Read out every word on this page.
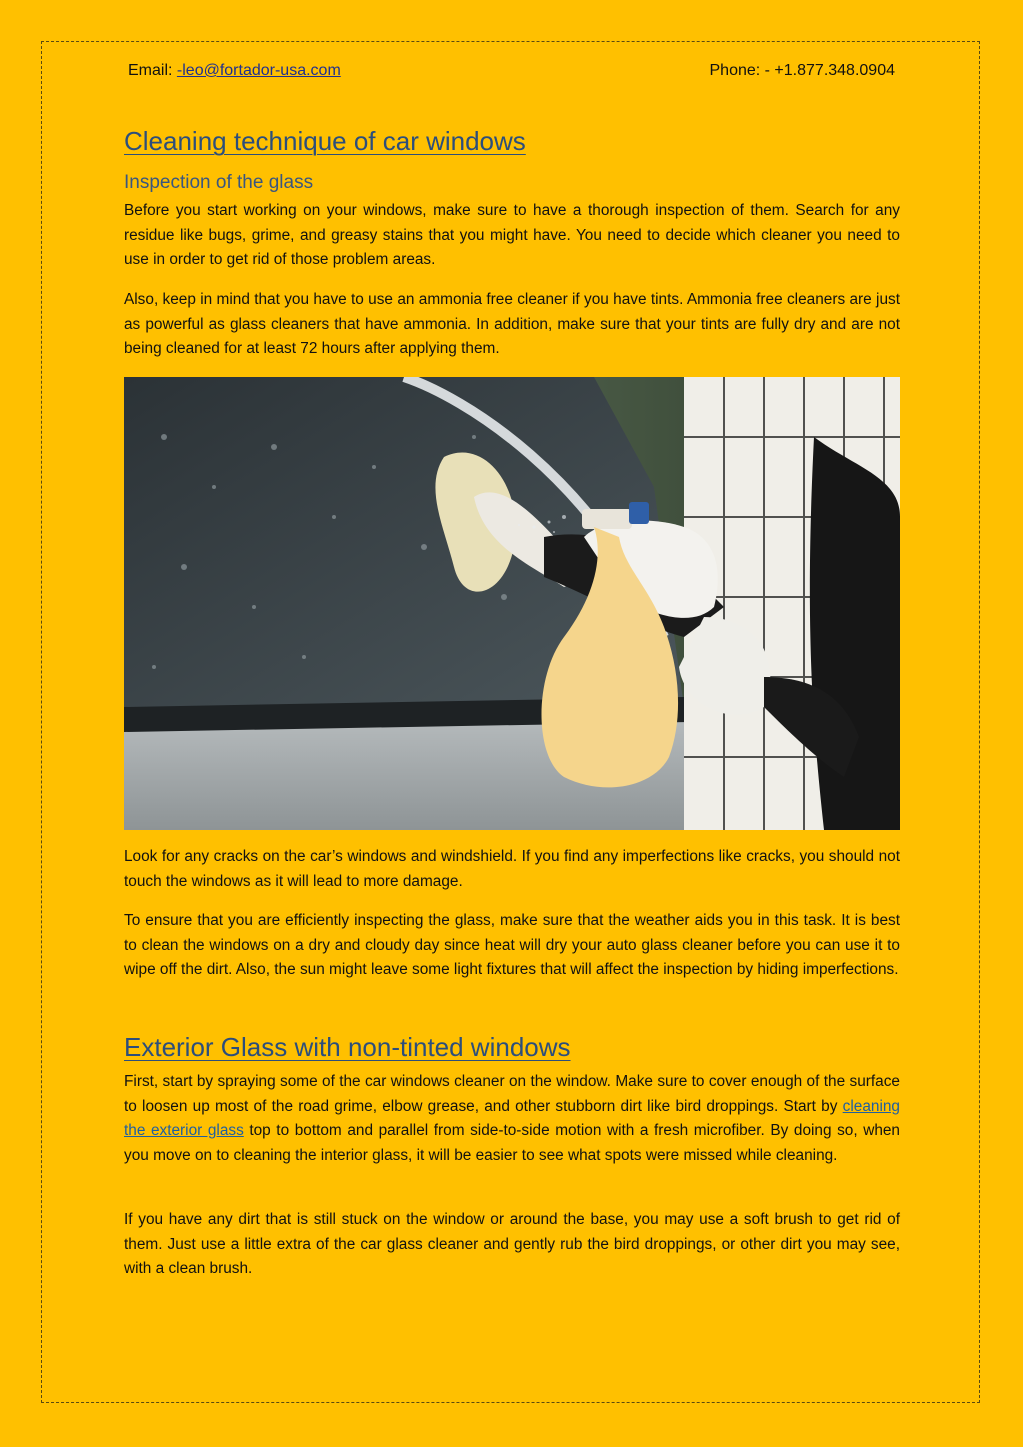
Email: -leo@fortador-usa.com	Phone: - +1.877.348.0904
Cleaning technique of car windows
Inspection of the glass

Before you start working on your windows, make sure to have a thorough inspection of them. Search for any residue like bugs, grime, and greasy stains that you might have. You need to decide which cleaner you need to use in order to get rid of those problem areas.

Also, keep in mind that you have to use an ammonia free cleaner if you have tints. Ammonia free cleaners are just as powerful as glass cleaners that have ammonia. In addition, make sure that your tints are fully dry and are not being cleaned for at least 72 hours after applying them.

Look for any cracks on the car’s windows and windshield. If you find any imperfections like cracks, you should not touch the windows as it will lead to more damage.

To ensure that you are efficiently inspecting the glass, make sure that the weather aids you in this task. It is best to clean the windows on a dry and cloudy day since heat will dry your auto glass cleaner before you can use it to wipe off the dirt. Also, the sun might leave some light fixtures that will affect the inspection by hiding imperfections.

Exterior Glass with non-tinted windows

First, start by spraying some of the car windows cleaner on the window. Make sure to cover enough of the surface to loosen up most of the road grime, elbow grease, and other stubborn dirt like bird droppings. Start by cleaning the exterior glass top to bottom and parallel from side-to-side motion with a fresh microfiber. By doing so, when you move on to cleaning the interior glass, it will be easier to see what spots were missed while cleaning.

If you have any dirt that is still stuck on the window or around the base, you may use a soft brush to get rid of them. Just use a little extra of the car glass cleaner and gently rub the bird droppings, or other dirt you may see, with a clean brush.
